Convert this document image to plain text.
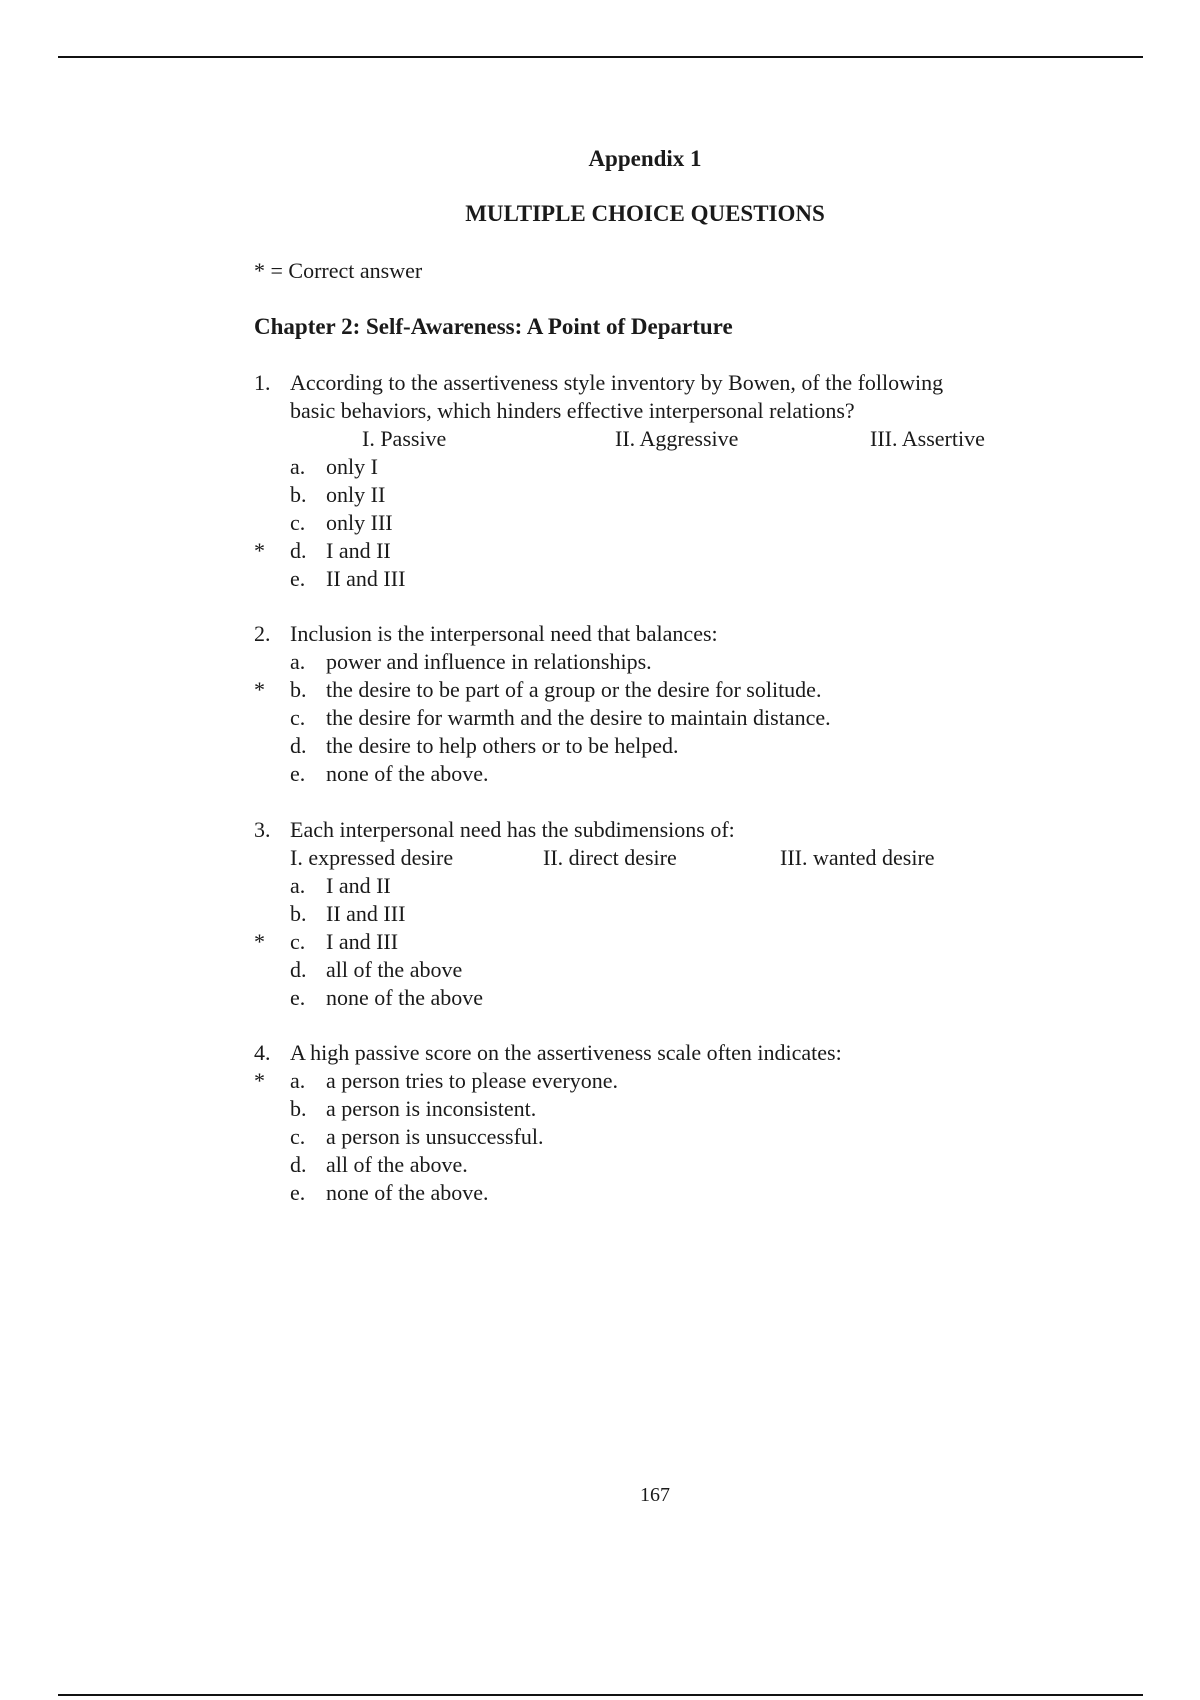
Appendix 1
MULTIPLE CHOICE QUESTIONS
* = Correct answer
Chapter 2: Self-Awareness: A Point of Departure
1. According to the assertiveness style inventory by Bowen, of the following
basic behaviors, which hinders effective interpersonal relations?
I. Passive	II. Aggressive	III. Assertive
a. only I
b. only II
c. only III
* d. I and II
e. II and III
2. Inclusion is the interpersonal need that balances:
a. power and influence in relationships.
* b. the desire to be part of a group or the desire for solitude.
c. the desire for warmth and the desire to maintain distance.
d. the desire to help others or to be helped.
e. none of the above.
3. Each interpersonal need has the subdimensions of:
I. expressed desire	II. direct desire	III. wanted desire
a. I and II
b. II and III
* c. I and III
d. all of the above
e. none of the above
4. A high passive score on the assertiveness scale often indicates:
* a. a person tries to please everyone.
b. a person is inconsistent.
c. a person is unsuccessful.
d. all of the above.
e. none of the above.
167
